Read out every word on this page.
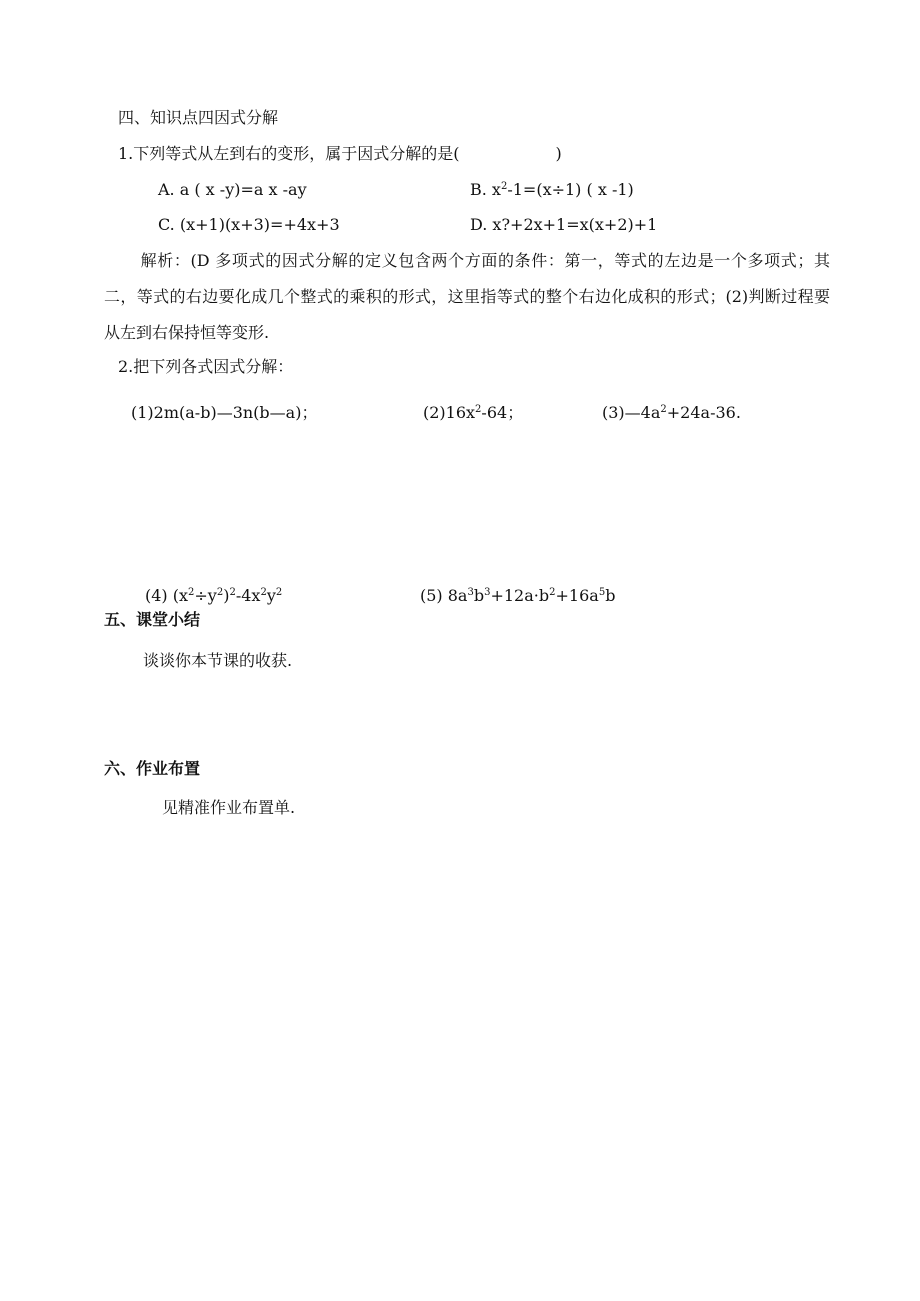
四、知识点四因式分解
1.下列等式从左到右的变形，属于因式分解的是(　　　　　　)
A. a ( x -y)=a x -ay	B. $x^2-1=(x\div 1)$ ( x -1)
C. (x+1)(x+3)=+4x+3	D. x?+2x+1=x(x+2)+1
解析：(D 多项式的因式分解的定义包含两个方面的条件：第一，等式的左边是一个多项式；其二，等式的右边要化成几个整式的乘积的形式，这里指等式的整个右边化成积的形式；(2)判断过程要从左到右保持恒等变形.
2.把下列各式因式分解：
(1)2m(a-b)—3n(b—a)；	$(2)16x^2-64$；	$(3)—4a^2+24a-36$.
(4) $(x^2\div y^2)^2-4x^2y^2$	(5) $8a^3b^3+12a\cdot b^2+16a^5b$
五、课堂小结
谈谈你本节课的收获.
六、作业布置
见精准作业布置单.
